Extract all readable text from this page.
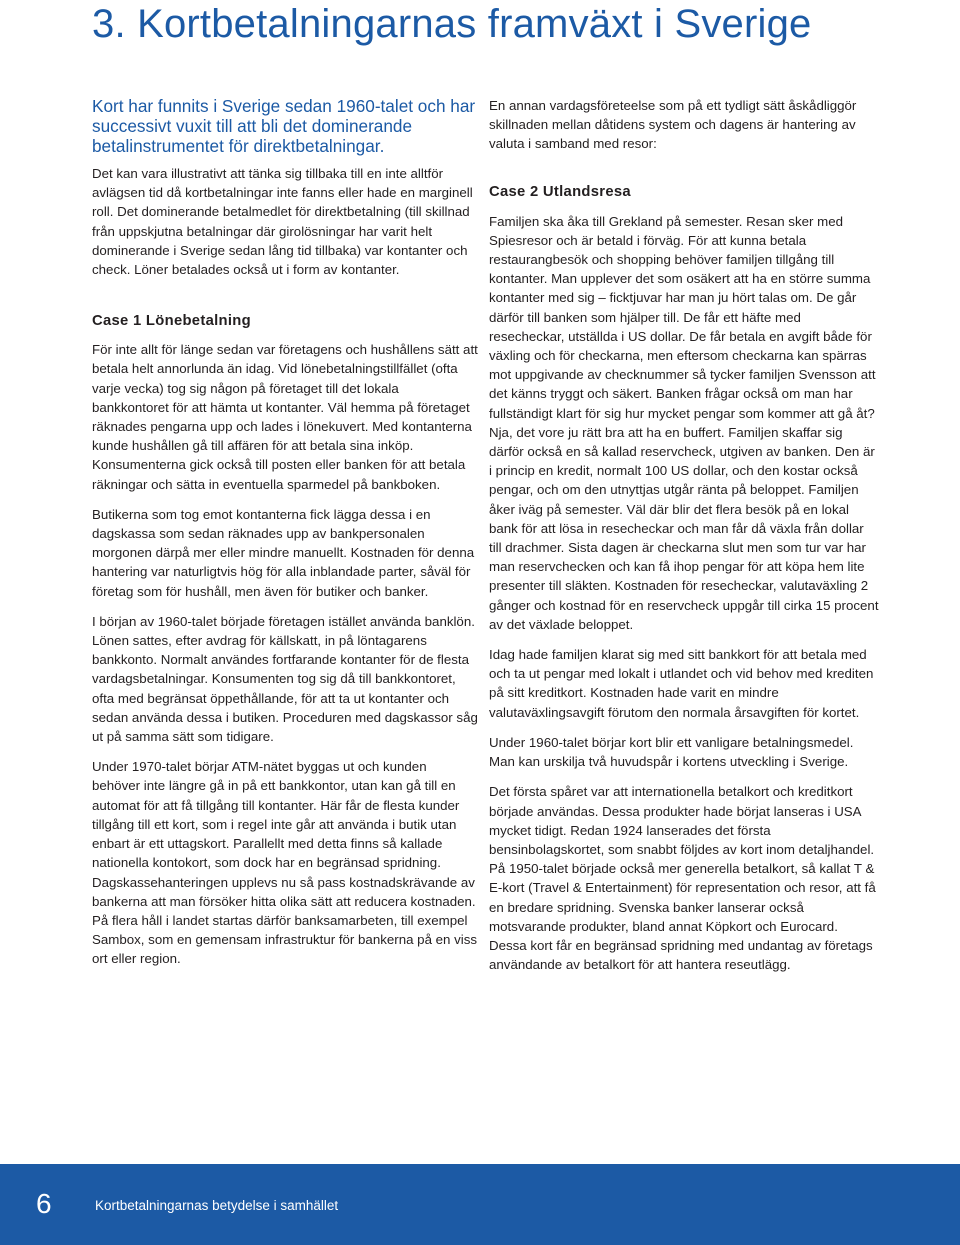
3. Kortbetalningarnas framväxt i Sverige

Kort har funnits i Sverige sedan 1960-talet och har successivt vuxit till att bli det dominerande betalinstrumentet för direktbetalningar.

Det kan vara illustrativt att tänka sig tillbaka till en inte alltför avlägsen tid då kortbetalningar inte fanns eller hade en marginell roll. Det dominerande betalmedlet för direktbetalning (till skillnad från uppskjutna betalningar där girolösningar har varit helt dominerande i Sverige sedan lång tid tillbaka) var kontanter och check. Löner betalades också ut i form av kontanter.

Case 1 Lönebetalning

För inte allt för länge sedan var företagens och hushållens sätt att betala helt annorlunda än idag. Vid lönebetalningstillfället (ofta varje vecka) tog sig någon på företaget till det lokala bankkontoret för att hämta ut kontanter. Väl hemma på företaget räknades pengarna upp och lades i lönekuvert. Med kontanterna kunde hushållen gå till affären för att betala sina inköp. Konsumenterna gick också till posten eller banken för att betala räkningar och sätta in eventuella sparmedel på bankboken.

Butikerna som tog emot kontanterna fick lägga dessa i en dagskassa som sedan räknades upp av bankpersonalen morgonen därpå mer eller mindre manuellt. Kostnaden för denna hantering var naturligtvis hög för alla inblandade parter, såväl för företag som för hushåll, men även för butiker och banker.

I början av 1960-talet började företagen istället använda banklön. Lönen sattes, efter avdrag för källskatt, in på löntagarens bankkonto. Normalt användes fortfarande kontanter för de flesta vardagsbetalningar. Konsumenten tog sig då till bankkontoret, ofta med begränsat öppethållande, för att ta ut kontanter och sedan använda dessa i butiken. Proceduren med dagskassor såg ut på samma sätt som tidigare.

Under 1970-talet börjar ATM-nätet byggas ut och kunden behöver inte längre gå in på ett bankkontor, utan kan gå till en automat för att få tillgång till kontanter. Här får de flesta kunder tillgång till ett kort, som i regel inte går att använda i butik utan enbart är ett uttagskort. Parallellt med detta finns så kallade nationella kontokort, som dock har en begränsad spridning. Dagskassehanteringen upplevs nu så pass kostnadskrävande av bankerna att man försöker hitta olika sätt att reducera kostnaden. På flera håll i landet startas därför banksamarbeten, till exempel Sambox, som en gemensam infrastruktur för bankerna på en viss ort eller region.

En annan vardagsföreteelse som på ett tydligt sätt åskådliggör skillnaden mellan dåtidens system och dagens är hantering av valuta i samband med resor:

Case 2 Utlandsresa

Familjen ska åka till Grekland på semester. Resan sker med Spiesresor och är betald i förväg. För att kunna betala restaurangbesök och shopping behöver familjen tillgång till kontanter. Man upplever det som osäkert att ha en större summa kontanter med sig – ficktjuvar har man ju hört talas om. De går därför till banken som hjälper till. De får ett häfte med resecheckar, utställda i US dollar. De får betala en avgift både för växling och för checkarna, men eftersom checkarna kan spärras mot uppgivande av checknummer så tycker familjen Svensson att det känns tryggt och säkert. Banken frågar också om man har fullständigt klart för sig hur mycket pengar som kommer att gå åt? Nja, det vore ju rätt bra att ha en buffert. Familjen skaffar sig därför också en så kallad reservcheck, utgiven av banken. Den är i princip en kredit, normalt 100 US dollar, och den kostar också pengar, och om den utnyttjas utgår ränta på beloppet. Familjen åker iväg på semester. Väl där blir det flera besök på en lokal bank för att lösa in resecheckar och man får då växla från dollar till drachmer. Sista dagen är checkarna slut men som tur var har man reservchecken och kan få ihop pengar för att köpa hem lite presenter till släkten. Kostnaden för resecheckar, valutaväxling 2 gånger och kostnad för en reservcheck uppgår till cirka 15 procent av det växlade beloppet.

Idag hade familjen klarat sig med sitt bankkort för att betala med och ta ut pengar med lokalt i utlandet och vid behov med krediten på sitt kreditkort. Kostnaden hade varit en mindre valutaväxlingsavgift förutom den normala årsavgiften för kortet.

Under 1960-talet börjar kort blir ett vanligare betalningsmedel. Man kan urskilja två huvudspår i kortens utveckling i Sverige.

Det första spåret var att internationella betalkort och kreditkort började användas. Dessa produkter hade börjat lanseras i USA mycket tidigt. Redan 1924 lanserades det första bensinbolagskortet, som snabbt följdes av kort inom detaljhandel. På 1950-talet började också mer generella betalkort, så kallat T & E-kort (Travel & Entertainment) för representation och resor, att få en bredare spridning. Svenska banker lanserar också motsvarande produkter, bland annat Köpkort och Eurocard. Dessa kort får en begränsad spridning med undantag av företags användande av betalkort för att hantera reseutlägg.

6	Kortbetalningarnas betydelse i samhället
